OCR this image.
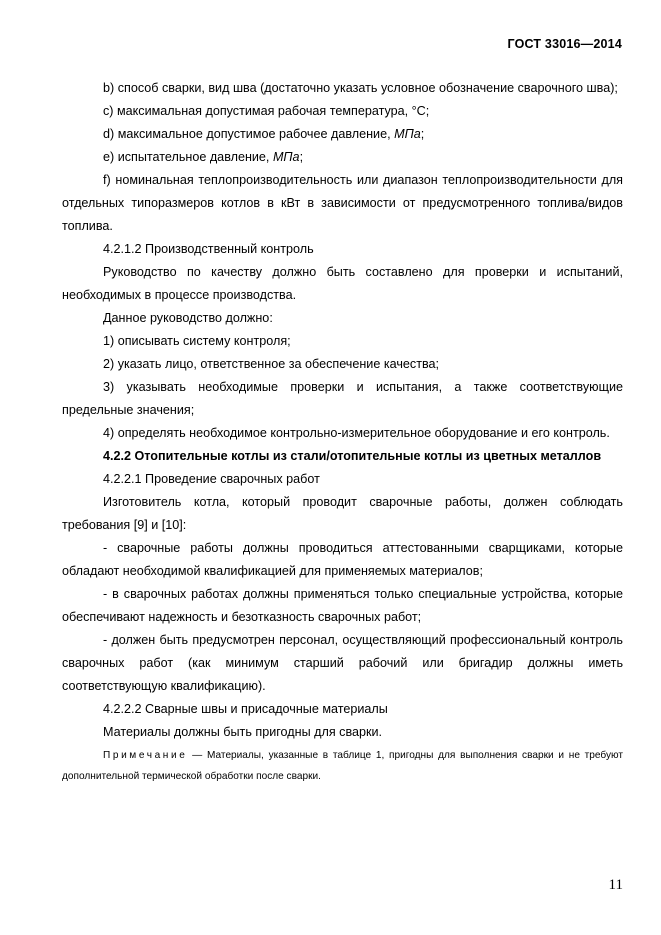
ГОСТ 33016—2014

b) способ сварки, вид шва (достаточно указать условное обозначение сварочного шва);

c) максимальная допустимая рабочая температура, °С;

d) максимальное допустимое рабочее давление, МПа;

e) испытательное давление, МПа;

f) номинальная теплопроизводительность или диапазон теплопроизводительности для отдельных типоразмеров котлов в кВт в зависимости от предусмотренного топлива/видов топлива.

4.2.1.2 Производственный контроль

Руководство по качеству должно быть составлено для проверки и испытаний, необходимых в процессе производства.

Данное руководство должно:

1) описывать систему контроля;

2) указать лицо, ответственное за обеспечение качества;

3) указывать необходимые проверки и испытания, а также соответствующие предельные значения;

4) определять необходимое контрольно-измерительное оборудование и его контроль.

4.2.2 Отопительные котлы из стали/отопительные котлы из цветных металлов

4.2.2.1 Проведение сварочных работ

Изготовитель котла, который проводит сварочные работы, должен соблюдать требования [9] и [10]:

- сварочные работы должны проводиться аттестованными сварщиками, которые обладают необходимой квалификацией для применяемых материалов;

- в сварочных работах должны применяться только специальные устройства, которые обеспечивают надежность и безотказность сварочных работ;

- должен быть предусмотрен персонал, осуществляющий профессиональный контроль сварочных работ (как минимум старший рабочий или бригадир должны иметь соответствующую квалификацию).

4.2.2.2 Сварные швы и присадочные материалы

Материалы должны быть пригодны для сварки.

Примечание — Материалы, указанные в таблице 1, пригодны для выполнения сварки и не требуют дополнительной термической обработки после сварки.

11
